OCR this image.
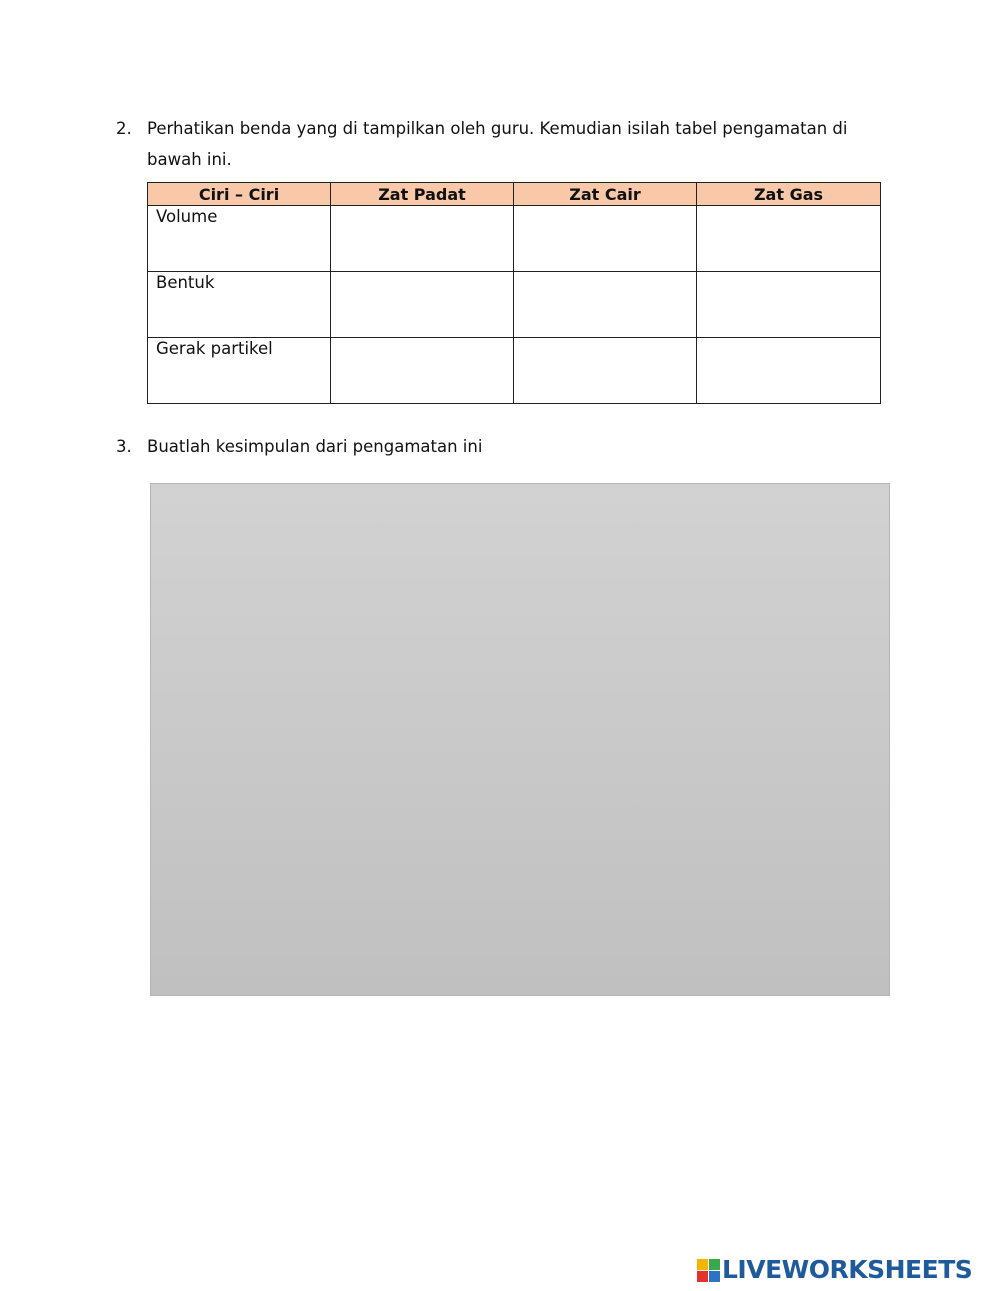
2. Perhatikan benda yang di tampilkan oleh guru. Kemudian isilah tabel pengamatan di bawah ini.
Ciri – Ciri	Zat Padat	Zat Cair	Zat Gas
Volume			
Bentuk			
Gerak partikel			
3. Buatlah kesimpulan dari pengamatan ini
LIVEWORKSHEETS
